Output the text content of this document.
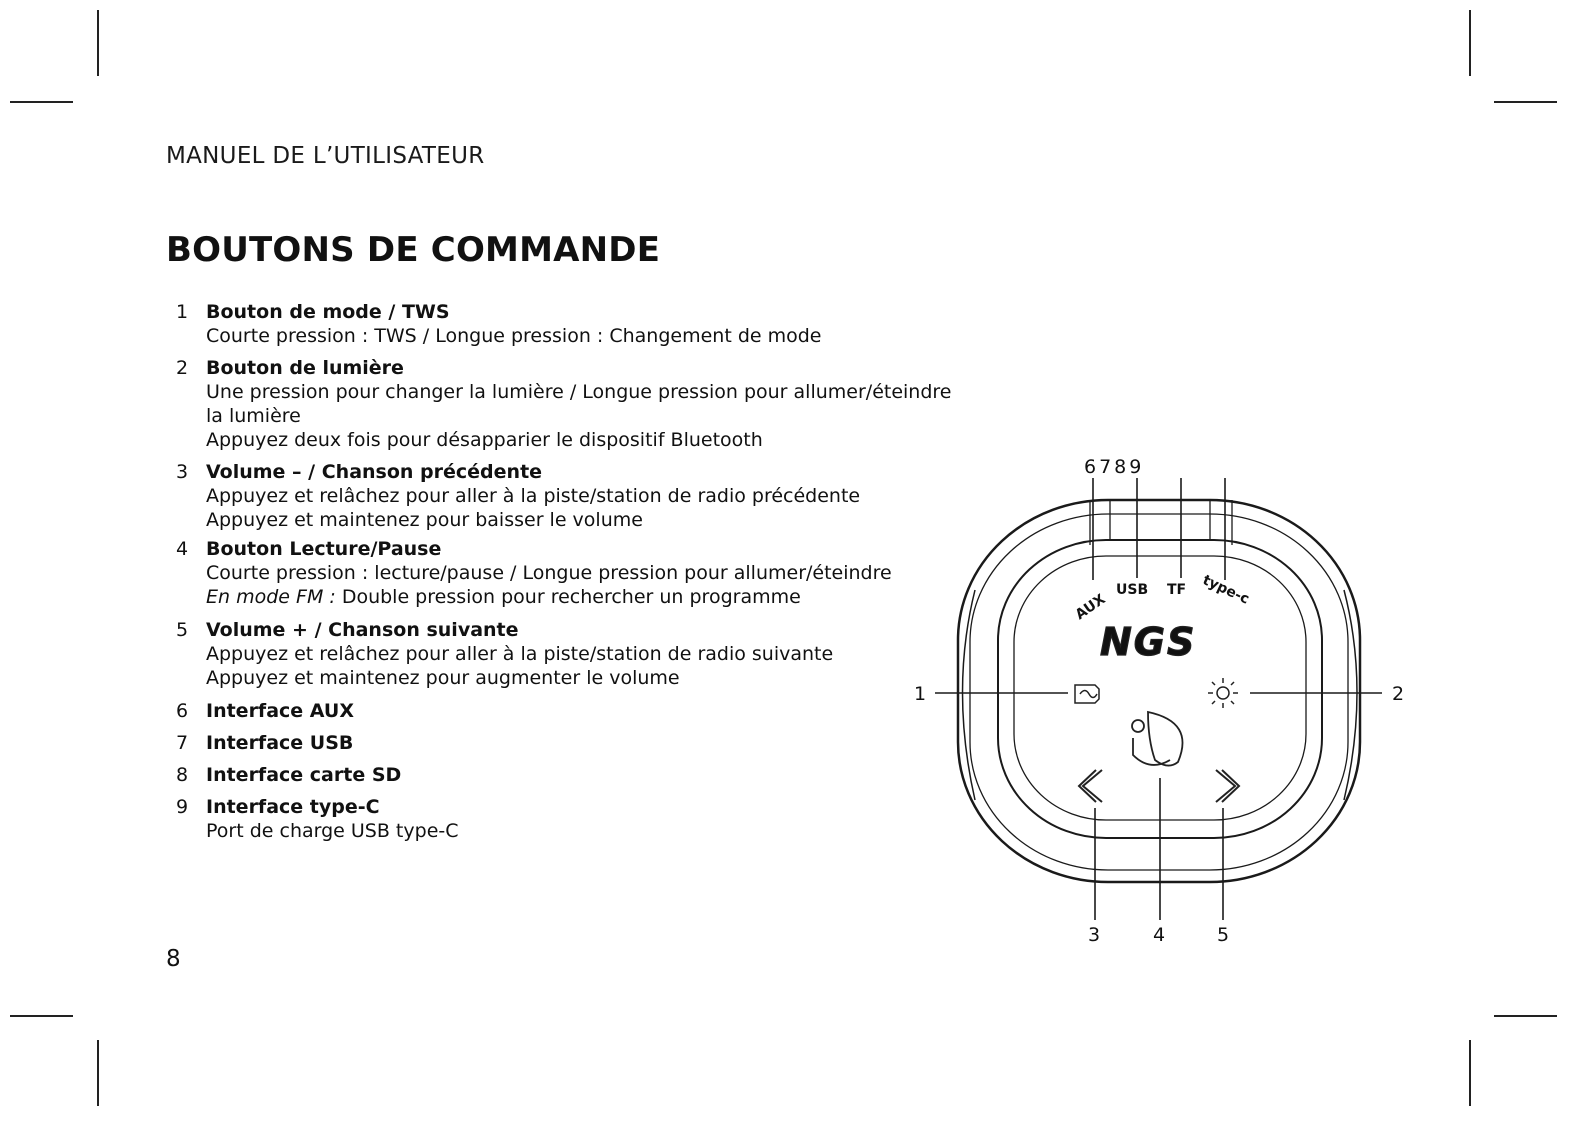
MANUEL DE L’UTILISATEUR
BOUTONS DE COMMANDE
1 Bouton de mode / TWS
Courte pression : TWS / Longue pression : Changement de mode
2 Bouton de lumière
Une pression pour changer la lumière / Longue pression pour allumer/éteindre
la lumière
Appuyez deux fois pour désapparier le dispositif Bluetooth
3 Volume – / Chanson précédente
Appuyez et relâchez pour aller à la piste/station de radio précédente
Appuyez et maintenez pour baisser le volume
4 Bouton Lecture/Pause
Courte pression : lecture/pause / Longue pression pour allumer/éteindre
En mode FM : Double pression pour rechercher un programme
5 Volume + / Chanson suivante
Appuyez et relâchez pour aller à la piste/station de radio suivante
Appuyez et maintenez pour augmenter le volume
6 Interface AUX
7 Interface USB
8 Interface carte SD
9 Interface type-C
Port de charge USB type-C
8
6789
AUX
USB TF type-c
NGS
1	2
3	4	5
